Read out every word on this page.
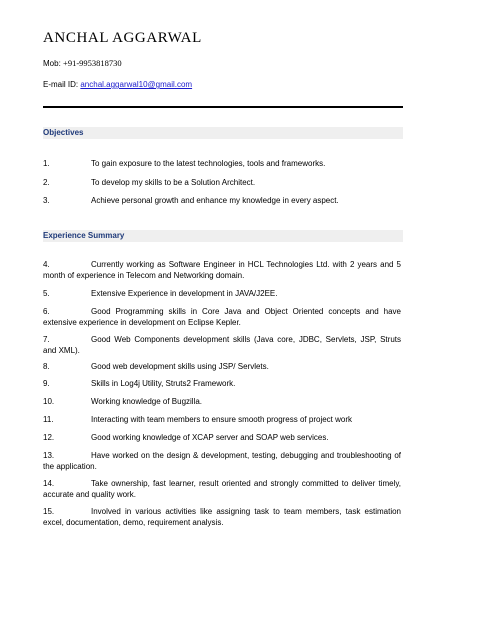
ANCHAL AGGARWAL
Mob: +91-9953818730
E-mail ID: anchal.aggarwal10@gmail.com
Objectives
1.	To gain exposure to the latest technologies, tools and frameworks.
2.	To develop my skills to be a Solution Architect.
3.	Achieve personal growth and enhance my knowledge in every aspect.
Experience Summary
4.	Currently working as Software Engineer in HCL Technologies Ltd. with 2 years and 5 month of experience in Telecom and Networking domain.
5.	Extensive Experience in development in JAVA/J2EE.
6.	Good Programming skills in Core Java and Object Oriented concepts and have extensive experience in development on Eclipse Kepler.
7.	Good Web Components development skills (Java core, JDBC, Servlets, JSP, Struts and XML).
8.	Good web development skills using JSP/ Servlets.
9.	Skills in Log4j Utility, Struts2 Framework.
10.	Working knowledge of Bugzilla.
11.	Interacting with team members to ensure smooth progress of project work
12.	Good working knowledge of XCAP server and SOAP web services.
13.	Have worked on the design & development, testing, debugging and troubleshooting of the application.
14.	Take ownership, fast learner, result oriented and strongly committed to deliver timely, accurate and quality work.
15.	Involved in various activities like assigning task to team members, task estimation excel, documentation, demo, requirement analysis.
